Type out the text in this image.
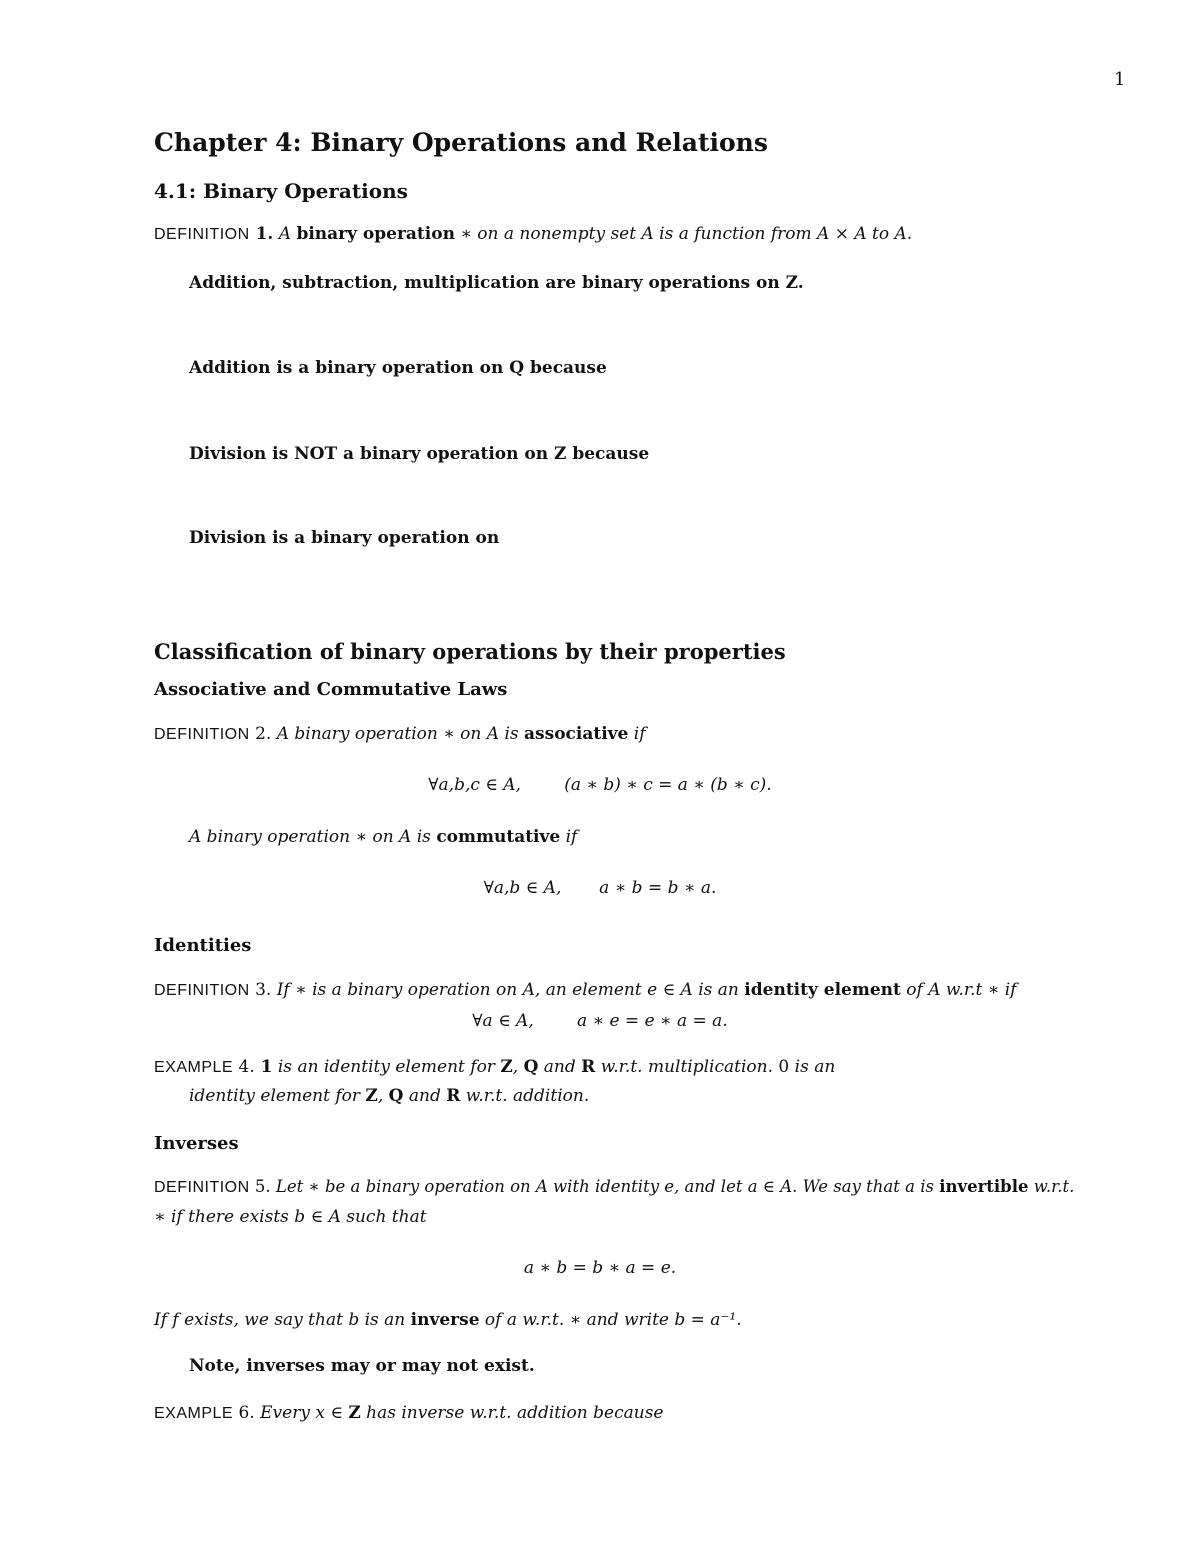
1
Chapter 4: Binary Operations and Relations
4.1: Binary Operations
DEFINITION 1. A binary operation ∗ on a nonempty set A is a function from A × A to A.
Addition, subtraction, multiplication are binary operations on Z.
Addition is a binary operation on Q because
Division is NOT a binary operation on Z because
Division is a binary operation on
Classification of binary operations by their properties
Associative and Commutative Laws
DEFINITION 2. A binary operation ∗ on A is associative if
∀a,b,c ∈ A,        (a ∗ b) ∗ c = a ∗ (b ∗ c).
A binary operation ∗ on A is commutative if
∀a,b ∈ A,       a ∗ b = b ∗ a.
Identities
DEFINITION 3. If ∗ is a binary operation on A, an element e ∈ A is an identity element of A w.r.t ∗ if
∀a ∈ A,        a ∗ e = e ∗ a = a.
EXAMPLE 4. 1 is an identity element for Z, Q and R w.r.t. multiplication. 0 is an
identity element for Z, Q and R w.r.t. addition.
Inverses
DEFINITION 5. Let ∗ be a binary operation on A with identity e, and let a ∈ A. We say that a is invertible w.r.t.
∗ if there exists b ∈ A such that
a ∗ b = b ∗ a = e.
If f exists, we say that b is an inverse of a w.r.t. ∗ and write b = a⁻¹.
Note, inverses may or may not exist.
EXAMPLE 6. Every x ∈ Z has inverse w.r.t. addition because
